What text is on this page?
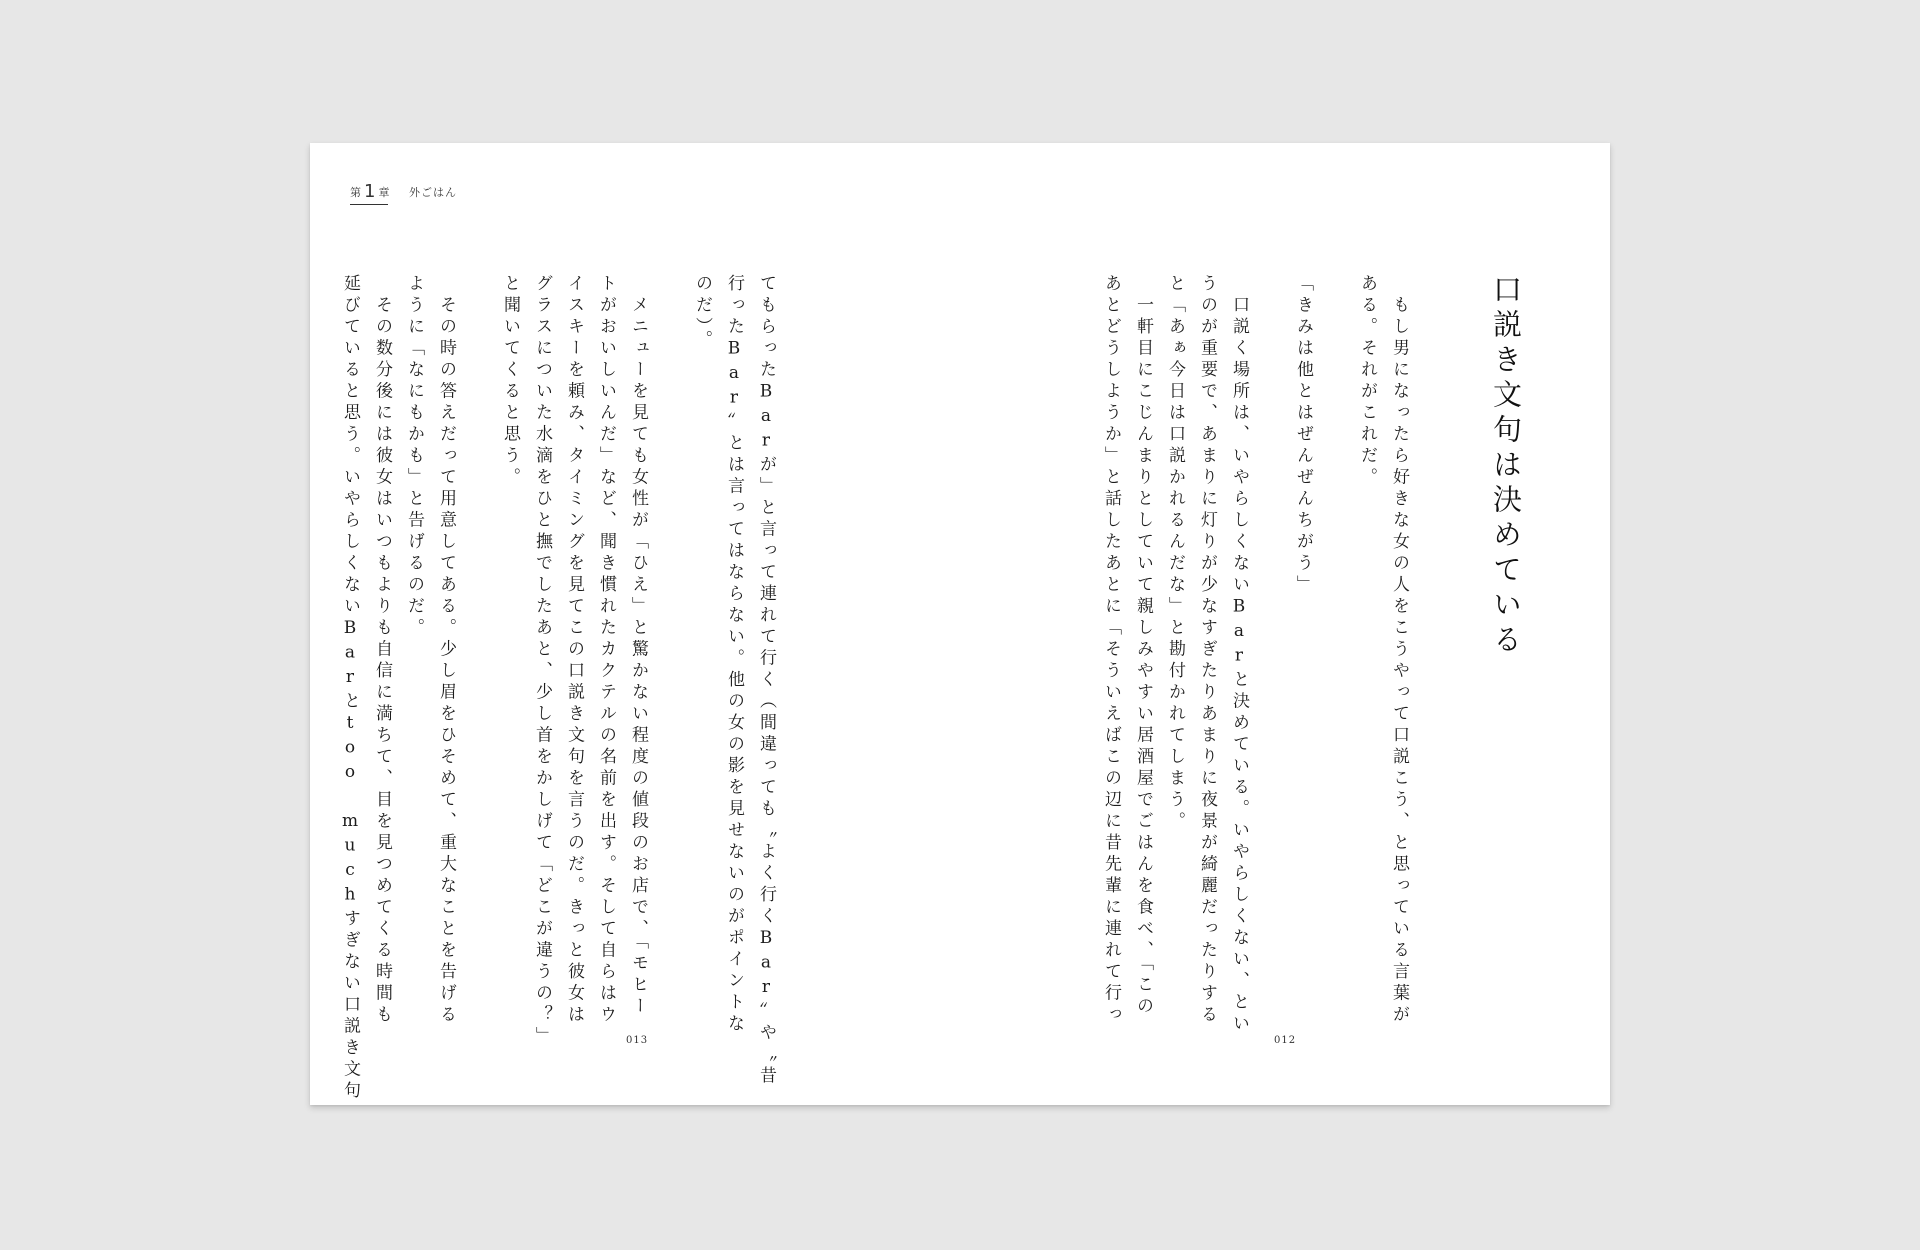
第 1 章 外ごはん
口説き文句は決めている
　もし男になったら好きな女の人をこうやって口説こう、と思っている言葉が
ある。それがこれだ。
「きみは他とはぜんぜんちがう」
　口説く場所は、いやらしくないBarと決めている。いやらしくない、とい
うのが重要で、あまりに灯りが少なすぎたりあまりに夜景が綺麗だったりする
と「あぁ今日は口説かれるんだな」と勘付かれてしまう。
　一軒目にこじんまりとしていて親しみやすい居酒屋でごはんを食べ、「この
あとどうしようか」と話したあとに「そういえばこの辺に昔先輩に連れて行っ
てもらったBarが」と言って連れて行く（間違っても〝よく行くBar〟や〝昔
行ったBar〟とは言ってはならない。他の女の影を見せないのがポイントな
のだ）。
　メニューを見ても女性が「ひえ」と驚かない程度の値段のお店で、「モヒー
トがおいしいんだ」など、聞き慣れたカクテルの名前を出す。そして自らはウ
イスキーを頼み、タイミングを見てこの口説き文句を言うのだ。きっと彼女は
グラスについた水滴をひと撫でしたあと、少し首をかしげて「どこが違うの？」
と聞いてくると思う。
　その時の答えだって用意してある。少し眉をひそめて、重大なことを告げる
ように「なにもかも」と告げるのだ。
　その数分後には彼女はいつもよりも自信に満ちて、目を見つめてくる時間も
延びていると思う。いやらしくないBarとtoo muchすぎない口説き文句	013	012
